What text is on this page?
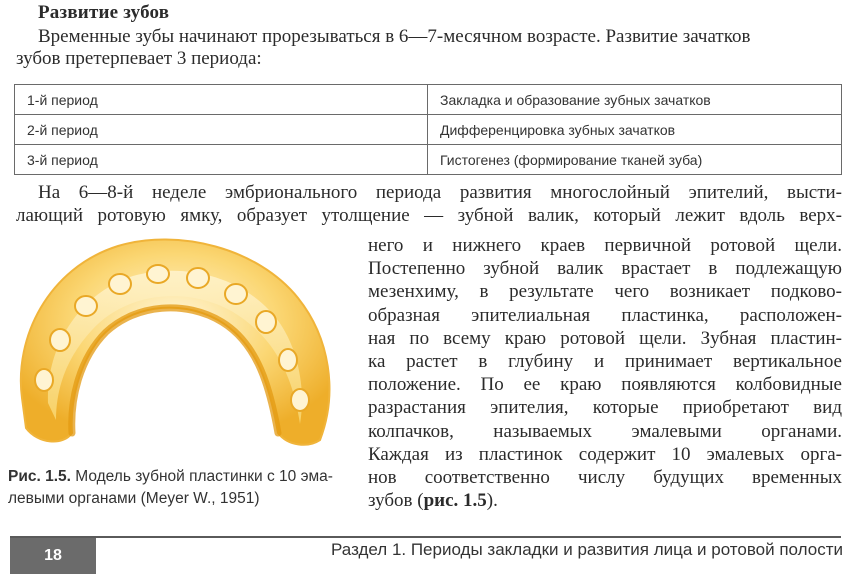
Развитие зубов

Временные зубы начинают прорезываться в 6—7-месячном возрасте. Развитие зачатков

зубов претерпевает 3 периода:

1-й период	Закладка и образование зубных зачатков
2-й период	Дифференцировка зубных зачатков
3-й период	Гистогенез (формирование тканей зуба)
На 6—8-й неделе эмбрионального периода развития многослойный эпителий, высти-
лающий ротовую ямку, образует утолщение — зубной валик, который лежит вдоль верх-
него и нижнего краев первичной ротовой щели.
Постепенно зубной валик врастает в подлежащую
мезенхиму, в результате чего возникает подково-
образная эпителиальная пластинка, расположен-
ная по всему краю ротовой щели. Зубная пластин-
ка растет в глубину и принимает вертикальное
положение. По ее краю появляются колбовидные
разрастания эпителия, которые приобретают вид
колпачков, называемых эмалевыми органами.
Каждая из пластинок содержит 10 эмалевых орга-
нов соответственно числу будущих временных
зубов (рис. 1.5).
Рис. 1.5. Модель зубной пластинки с 10 эма-
левыми органами (Meyer W., 1951)
18	Раздел 1. Периоды закладки и развития лица и ротовой полости
